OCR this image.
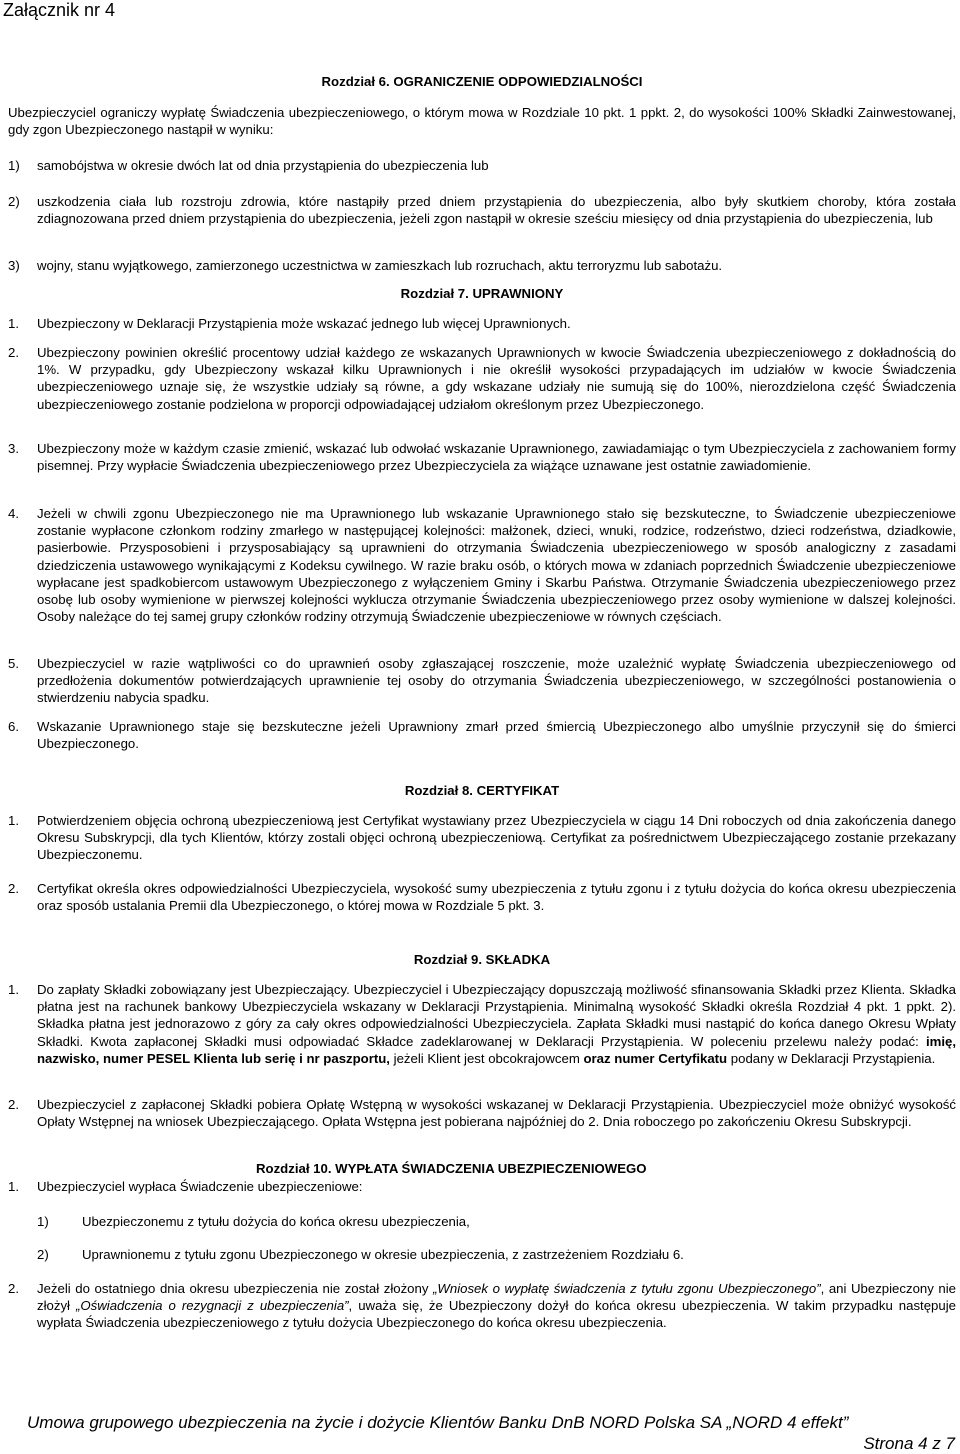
Załącznik nr 4
Rozdział 6. OGRANICZENIE ODPOWIEDZIALNOŚCI
Ubezpieczyciel ograniczy wypłatę Świadczenia ubezpieczeniowego, o którym mowa w Rozdziale 10 pkt. 1 ppkt. 2, do wysokości 100% Składki Zainwestowanej, gdy zgon Ubezpieczonego nastąpił w wyniku:
1) samobójstwa w okresie dwóch lat od dnia przystąpienia do ubezpieczenia lub
2) uszkodzenia ciała lub rozstroju zdrowia, które nastąpiły przed dniem przystąpienia do ubezpieczenia, albo były skutkiem choroby, która została zdiagnozowana przed dniem przystąpienia do ubezpieczenia, jeżeli zgon nastąpił w okresie sześciu miesięcy od dnia przystąpienia do ubezpieczenia, lub
3) wojny, stanu wyjątkowego, zamierzonego uczestnictwa w zamieszkach lub rozruchach, aktu terroryzmu lub sabotażu.
Rozdział 7. UPRAWNIONY
1. Ubezpieczony w Deklaracji Przystąpienia może wskazać jednego lub więcej Uprawnionych.
2. Ubezpieczony powinien określić procentowy udział każdego ze wskazanych Uprawnionych w kwocie Świadczenia ubezpieczeniowego z dokładnością do 1%. W przypadku, gdy Ubezpieczony wskazał kilku Uprawnionych i nie określił wysokości przypadających im udziałów w kwocie Świadczenia ubezpieczeniowego uznaje się, że wszystkie udziały są równe, a gdy wskazane udziały nie sumują się do 100%, nierozdzielona część Świadczenia ubezpieczeniowego zostanie podzielona w proporcji odpowiadającej udziałom określonym przez Ubezpieczonego.
3. Ubezpieczony może w każdym czasie zmienić, wskazać lub odwołać wskazanie Uprawnionego, zawiadamiając o tym Ubezpieczyciela z zachowaniem formy pisemnej. Przy wypłacie Świadczenia ubezpieczeniowego przez Ubezpieczyciela za wiążące uznawane jest ostatnie zawiadomienie.
4. Jeżeli w chwili zgonu Ubezpieczonego nie ma Uprawnionego lub wskazanie Uprawnionego stało się bezskuteczne, to Świadczenie ubezpieczeniowe zostanie wypłacone członkom rodziny zmarłego w następującej kolejności: małżonek, dzieci, wnuki, rodzice, rodzeństwo, dzieci rodzeństwa, dziadkowie, pasierbowie. Przysposobieni i przysposabiający są uprawnieni do otrzymania Świadczenia ubezpieczeniowego w sposób analogiczny z zasadami dziedziczenia ustawowego wynikającymi z Kodeksu cywilnego. W razie braku osób, o których mowa w zdaniach poprzednich Świadczenie ubezpieczeniowe wypłacane jest spadkobiercom ustawowym Ubezpieczonego z wyłączeniem Gminy i Skarbu Państwa. Otrzymanie Świadczenia ubezpieczeniowego przez osobę lub osoby wymienione w pierwszej kolejności wyklucza otrzymanie Świadczenia ubezpieczeniowego przez osoby wymienione w dalszej kolejności. Osoby należące do tej samej grupy członków rodziny otrzymują Świadczenie ubezpieczeniowe w równych częściach.
5. Ubezpieczyciel w razie wątpliwości co do uprawnień osoby zgłaszającej roszczenie, może uzależnić wypłatę Świadczenia ubezpieczeniowego od przedłożenia dokumentów potwierdzających uprawnienie tej osoby do otrzymania Świadczenia ubezpieczeniowego, w szczególności postanowienia o stwierdzeniu nabycia spadku.
6. Wskazanie Uprawnionego staje się bezskuteczne jeżeli Uprawniony zmarł przed śmiercią Ubezpieczonego albo umyślnie przyczynił się do śmierci Ubezpieczonego.
Rozdział 8. CERTYFIKAT
1. Potwierdzeniem objęcia ochroną ubezpieczeniową jest Certyfikat wystawiany przez Ubezpieczyciela w ciągu 14 Dni roboczych od dnia zakończenia danego Okresu Subskrypcji, dla tych Klientów, którzy zostali objęci ochroną ubezpieczeniową. Certyfikat za pośrednictwem Ubezpieczającego zostanie przekazany Ubezpieczonemu.
2. Certyfikat określa okres odpowiedzialności Ubezpieczyciela, wysokość sumy ubezpieczenia z tytułu zgonu i z tytułu dożycia do końca okresu ubezpieczenia oraz sposób ustalania Premii dla Ubezpieczonego, o której mowa w Rozdziale 5 pkt. 3.
Rozdział 9. SKŁADKA
1. Do zapłaty Składki zobowiązany jest Ubezpieczający. Ubezpieczyciel i Ubezpieczający dopuszczają możliwość sfinansowania Składki przez Klienta. Składka płatna jest na rachunek bankowy Ubezpieczyciela wskazany w Deklaracji Przystąpienia. Minimalną wysokość Składki określa Rozdział 4 pkt. 1 ppkt. 2). Składka płatna jest jednorazowo z góry za cały okres odpowiedzialności Ubezpieczyciela. Zapłata Składki musi nastąpić do końca danego Okresu Wpłaty Składki. Kwota zapłaconej Składki musi odpowiadać Składce zadeklarowanej w Deklaracji Przystąpienia. W poleceniu przelewu należy podać: imię, nazwisko, numer PESEL Klienta lub serię i nr paszportu, jeżeli Klient jest obcokrajowcem oraz numer Certyfikatu podany w Deklaracji Przystąpienia.
2. Ubezpieczyciel z zapłaconej Składki pobiera Opłatę Wstępną w wysokości wskazanej w Deklaracji Przystąpienia. Ubezpieczyciel może obniżyć wysokość Opłaty Wstępnej na wniosek Ubezpieczającego. Opłata Wstępna jest pobierana najpóźniej do 2. Dnia roboczego po zakończeniu Okresu Subskrypcji.
Rozdział 10. WYPŁATA ŚWIADCZENIA UBEZPIECZENIOWEGO
1. Ubezpieczyciel wypłaca Świadczenie ubezpieczeniowe:
1)	Ubezpieczonemu z tytułu dożycia do końca okresu ubezpieczenia,
2)	Uprawnionemu z tytułu zgonu Ubezpieczonego w okresie ubezpieczenia, z zastrzeżeniem Rozdziału 6.
2. Jeżeli do ostatniego dnia okresu ubezpieczenia nie został złożony „Wniosek o wypłatę świadczenia z tytułu zgonu Ubezpieczonego”, ani Ubezpieczony nie złożył „Oświadczenia o rezygnacji z ubezpieczenia”, uważa się, że Ubezpieczony dożył do końca okresu ubezpieczenia. W takim przypadku następuje wypłata Świadczenia ubezpieczeniowego z tytułu dożycia Ubezpieczonego do końca okresu ubezpieczenia.
Umowa grupowego ubezpieczenia na życie i dożycie Klientów Banku DnB NORD Polska SA „NORD 4 effekt”
Strona 4 z 7
